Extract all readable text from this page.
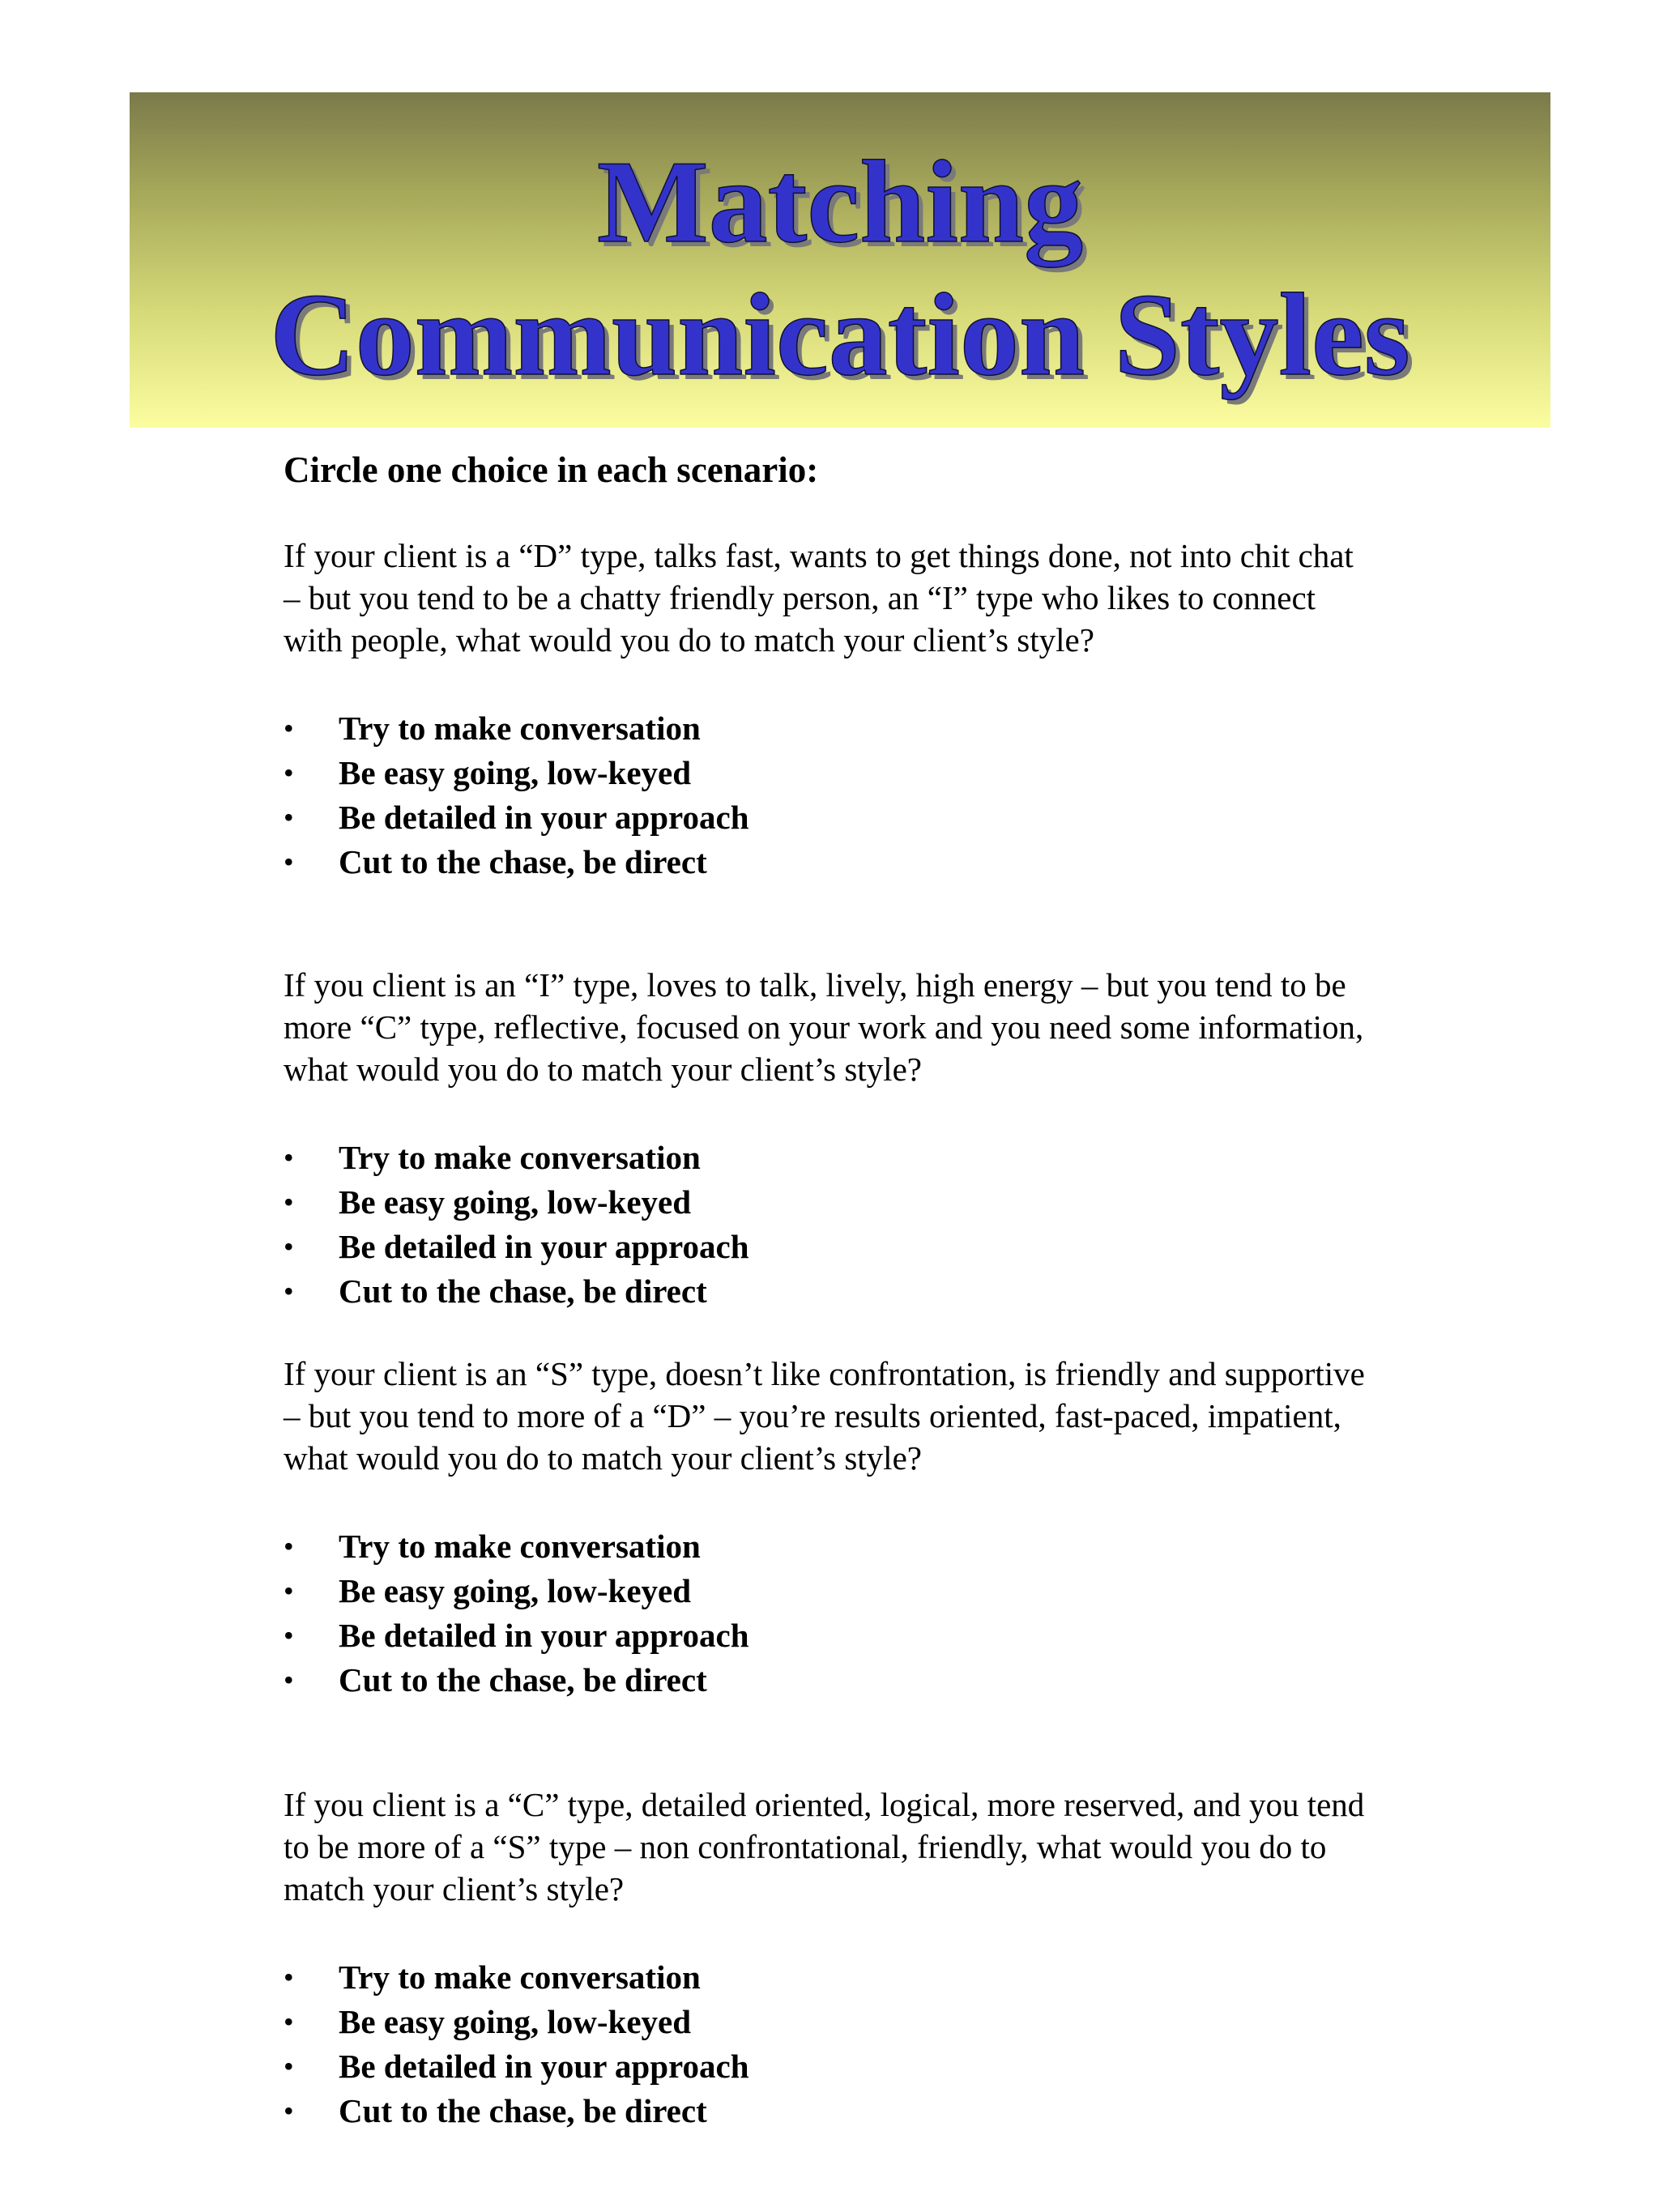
Matching
Communication Styles

Circle one choice in each scenario:

If your client is a “D” type, talks fast, wants to get things done, not into chit chat – but you tend to be a chatty friendly person, an “I” type who likes to connect with people, what would you do to match your client’s style?

• Try to make conversation
• Be easy going, low-keyed
• Be detailed in your approach
• Cut to the chase, be direct

If you client is an “I” type, loves to talk, lively, high energy – but you tend to be more “C” type, reflective, focused on your work and you need some information, what would you do to match your client’s style?

• Try to make conversation
• Be easy going, low-keyed
• Be detailed in your approach
• Cut to the chase, be direct

If your client is an “S” type, doesn’t like confrontation, is friendly and supportive – but you tend to more of a “D” – you’re results oriented, fast-paced, impatient, what would you do to match your client’s style?

• Try to make conversation
• Be easy going, low-keyed
• Be detailed in your approach
• Cut to the chase, be direct

If you client is a “C” type, detailed oriented, logical, more reserved, and you tend to be more of a “S” type – non confrontational, friendly, what would you do to match your client’s style?

• Try to make conversation
• Be easy going, low-keyed
• Be detailed in your approach
• Cut to the chase, be direct
